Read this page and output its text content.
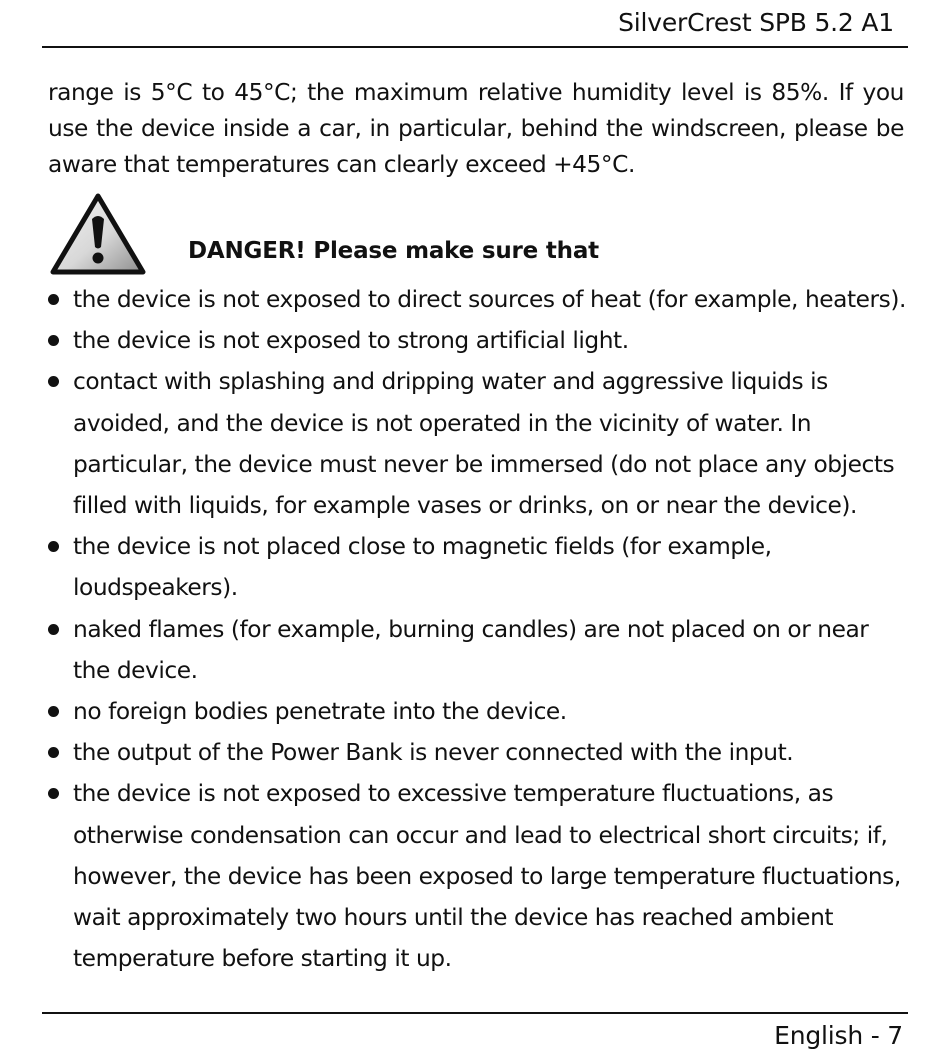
SilverCrest SPB 5.2 A1
range is 5°C to 45°C; the maximum relative humidity level is 85%. If you use the device inside a car, in particular, behind the windscreen, please be aware that temperatures can clearly exceed +45°C.
DANGER! Please make sure that
the device is not exposed to direct sources of heat (for example, heaters).
the device is not exposed to strong artificial light.
contact with splashing and dripping water and aggressive liquids is avoided, and the device is not operated in the vicinity of water. In particular, the device must never be immersed (do not place any objects filled with liquids, for example vases or drinks, on or near the device).
the device is not placed close to magnetic fields (for example, loudspeakers).
naked flames (for example, burning candles) are not placed on or near the device.
no foreign bodies penetrate into the device.
the output of the Power Bank is never connected with the input.
the device is not exposed to excessive temperature fluctuations, as otherwise condensation can occur and lead to electrical short circuits; if, however, the device has been exposed to large temperature fluctuations, wait approximately two hours until the device has reached ambient temperature before starting it up.
English - 7
